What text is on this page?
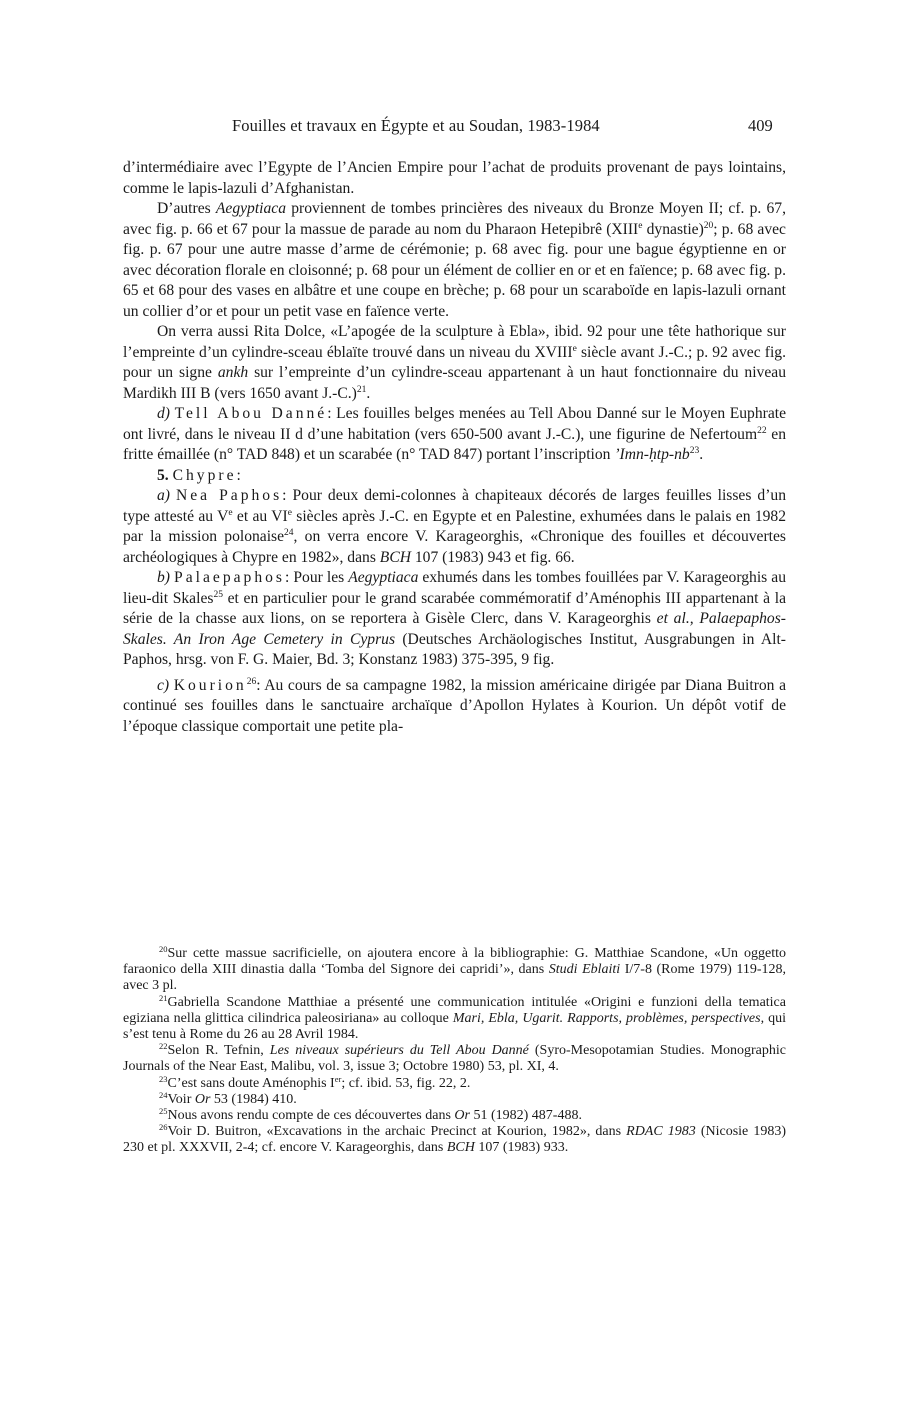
Fouilles et travaux en Égypte et au Soudan, 1983-1984	409

d’intermédiaire avec l’Egypte de l’Ancien Empire pour l’achat de produits provenant de pays lointains, comme le lapis-lazuli d’Afghanistan.

D’autres Aegyptiaca proviennent de tombes princières des niveaux du Bronze Moyen II; cf. p. 67, avec fig. p. 66 et 67 pour la massue de parade au nom du Pharaon Hetepibrê (XIIIe dynastie)$^{20}$; p. 68 avec fig. p. 67 pour une autre masse d’arme de cérémonie; p. 68 avec fig. pour une bague égyptienne en or avec décoration florale en cloisonné; p. 68 pour un élément de collier en or et en faïence; p. 68 avec fig. p. 65 et 68 pour des vases en albâtre et une coupe en brèche; p. 68 pour un scaraboïde en lapis-lazuli ornant un collier d’or et pour un petit vase en faïence verte.

On verra aussi Rita Dolce, «L’apogée de la sculpture à Ebla», ibid. 92 pour une tête hathorique sur l’empreinte d’un cylindre-sceau éblaïte trouvé dans un niveau du XVIIIe siècle avant J.-C.; p. 92 avec fig. pour un signe ankh sur l’empreinte d’un cylindre-sceau appartenant à un haut fonctionnaire du niveau Mardikh III B (vers 1650 avant J.-C.)$^{21}$.

d) Tell Abou Danné: Les fouilles belges menées au Tell Abou Danné sur le Moyen Euphrate ont livré, dans le niveau II d d’une habitation (vers 650-500 avant J.-C.), une figurine de Nefertoum$^{22}$ en fritte émaillée (n° TAD 848) et un scarabée (n° TAD 847) portant l’inscription $’Imn-ḥtp-nb^{23}$.

5. Chypre:

a) Nea Paphos: Pour deux demi-colonnes à chapiteaux décorés de larges feuilles lisses d’un type attesté au Ve et au VIe siècles après J.-C. en Egypte et en Palestine, exhumées dans le palais en 1982 par la mission polonaise$^{24}$, on verra encore V. Karageorghis, «Chronique des fouilles et découvertes archéologiques à Chypre en 1982», dans BCH 107 (1983) 943 et fig. 66.

b) Palaepaphos: Pour les Aegyptiaca exhumés dans les tombes fouillées par V. Karageorghis au lieu-dit Skales$^{25}$ et en particulier pour le grand scarabée commémoratif d’Aménophis III appartenant à la série de la chasse aux lions, on se reportera à Gisèle Clerc, dans V. Karageorghis et al., Palaepaphos-Skales. An Iron Age Cemetery in Cyprus (Deutsches Archäologisches Institut, Ausgrabungen in Alt-Paphos, hrsg. von F. G. Maier, Bd. 3; Konstanz 1983) 375-395, 9 fig.

c) Kourion$^{26}$: Au cours de sa campagne 1982, la mission américaine dirigée par Diana Buitron a continué ses fouilles dans le sanctuaire archaïque d’Apollon Hylates à Kourion. Un dépôt votif de l’époque classique comportait une petite pla-

$^{20}$Sur cette massue sacrificielle, on ajoutera encore à la bibliographie: G. Matthiae Scandone, «Un oggetto faraonico della XIII dinastia dalla ‘Tomba del Signore dei capridi’», dans Studi Eblaiti I/7-8 (Rome 1979) 119-128, avec 3 pl.

$^{21}$Gabriella Scandone Matthiae a présenté une communication intitulée «Origini e funzioni della tematica egiziana nella glittica cilindrica paleosiriana» au colloque Mari, Ebla, Ugarit. Rapports, problèmes, perspectives, qui s’est tenu à Rome du 26 au 28 Avril 1984.

$^{22}$Selon R. Tefnin, Les niveaux supérieurs du Tell Abou Danné (Syro-Mesopotamian Studies. Monographic Journals of the Near East, Malibu, vol. 3, issue 3; Octobre 1980) 53, pl. XI, 4.

$^{23}$C’est sans doute Aménophis Ier; cf. ibid. 53, fig. 22, 2.

$^{24}$Voir Or 53 (1984) 410.

$^{25}$Nous avons rendu compte de ces découvertes dans Or 51 (1982) 487-488.

$^{26}$Voir D. Buitron, «Excavations in the archaic Precinct at Kourion, 1982», dans RDAC 1983 (Nicosie 1983) 230 et pl. XXXVII, 2-4; cf. encore V. Karageorghis, dans BCH 107 (1983) 933.
